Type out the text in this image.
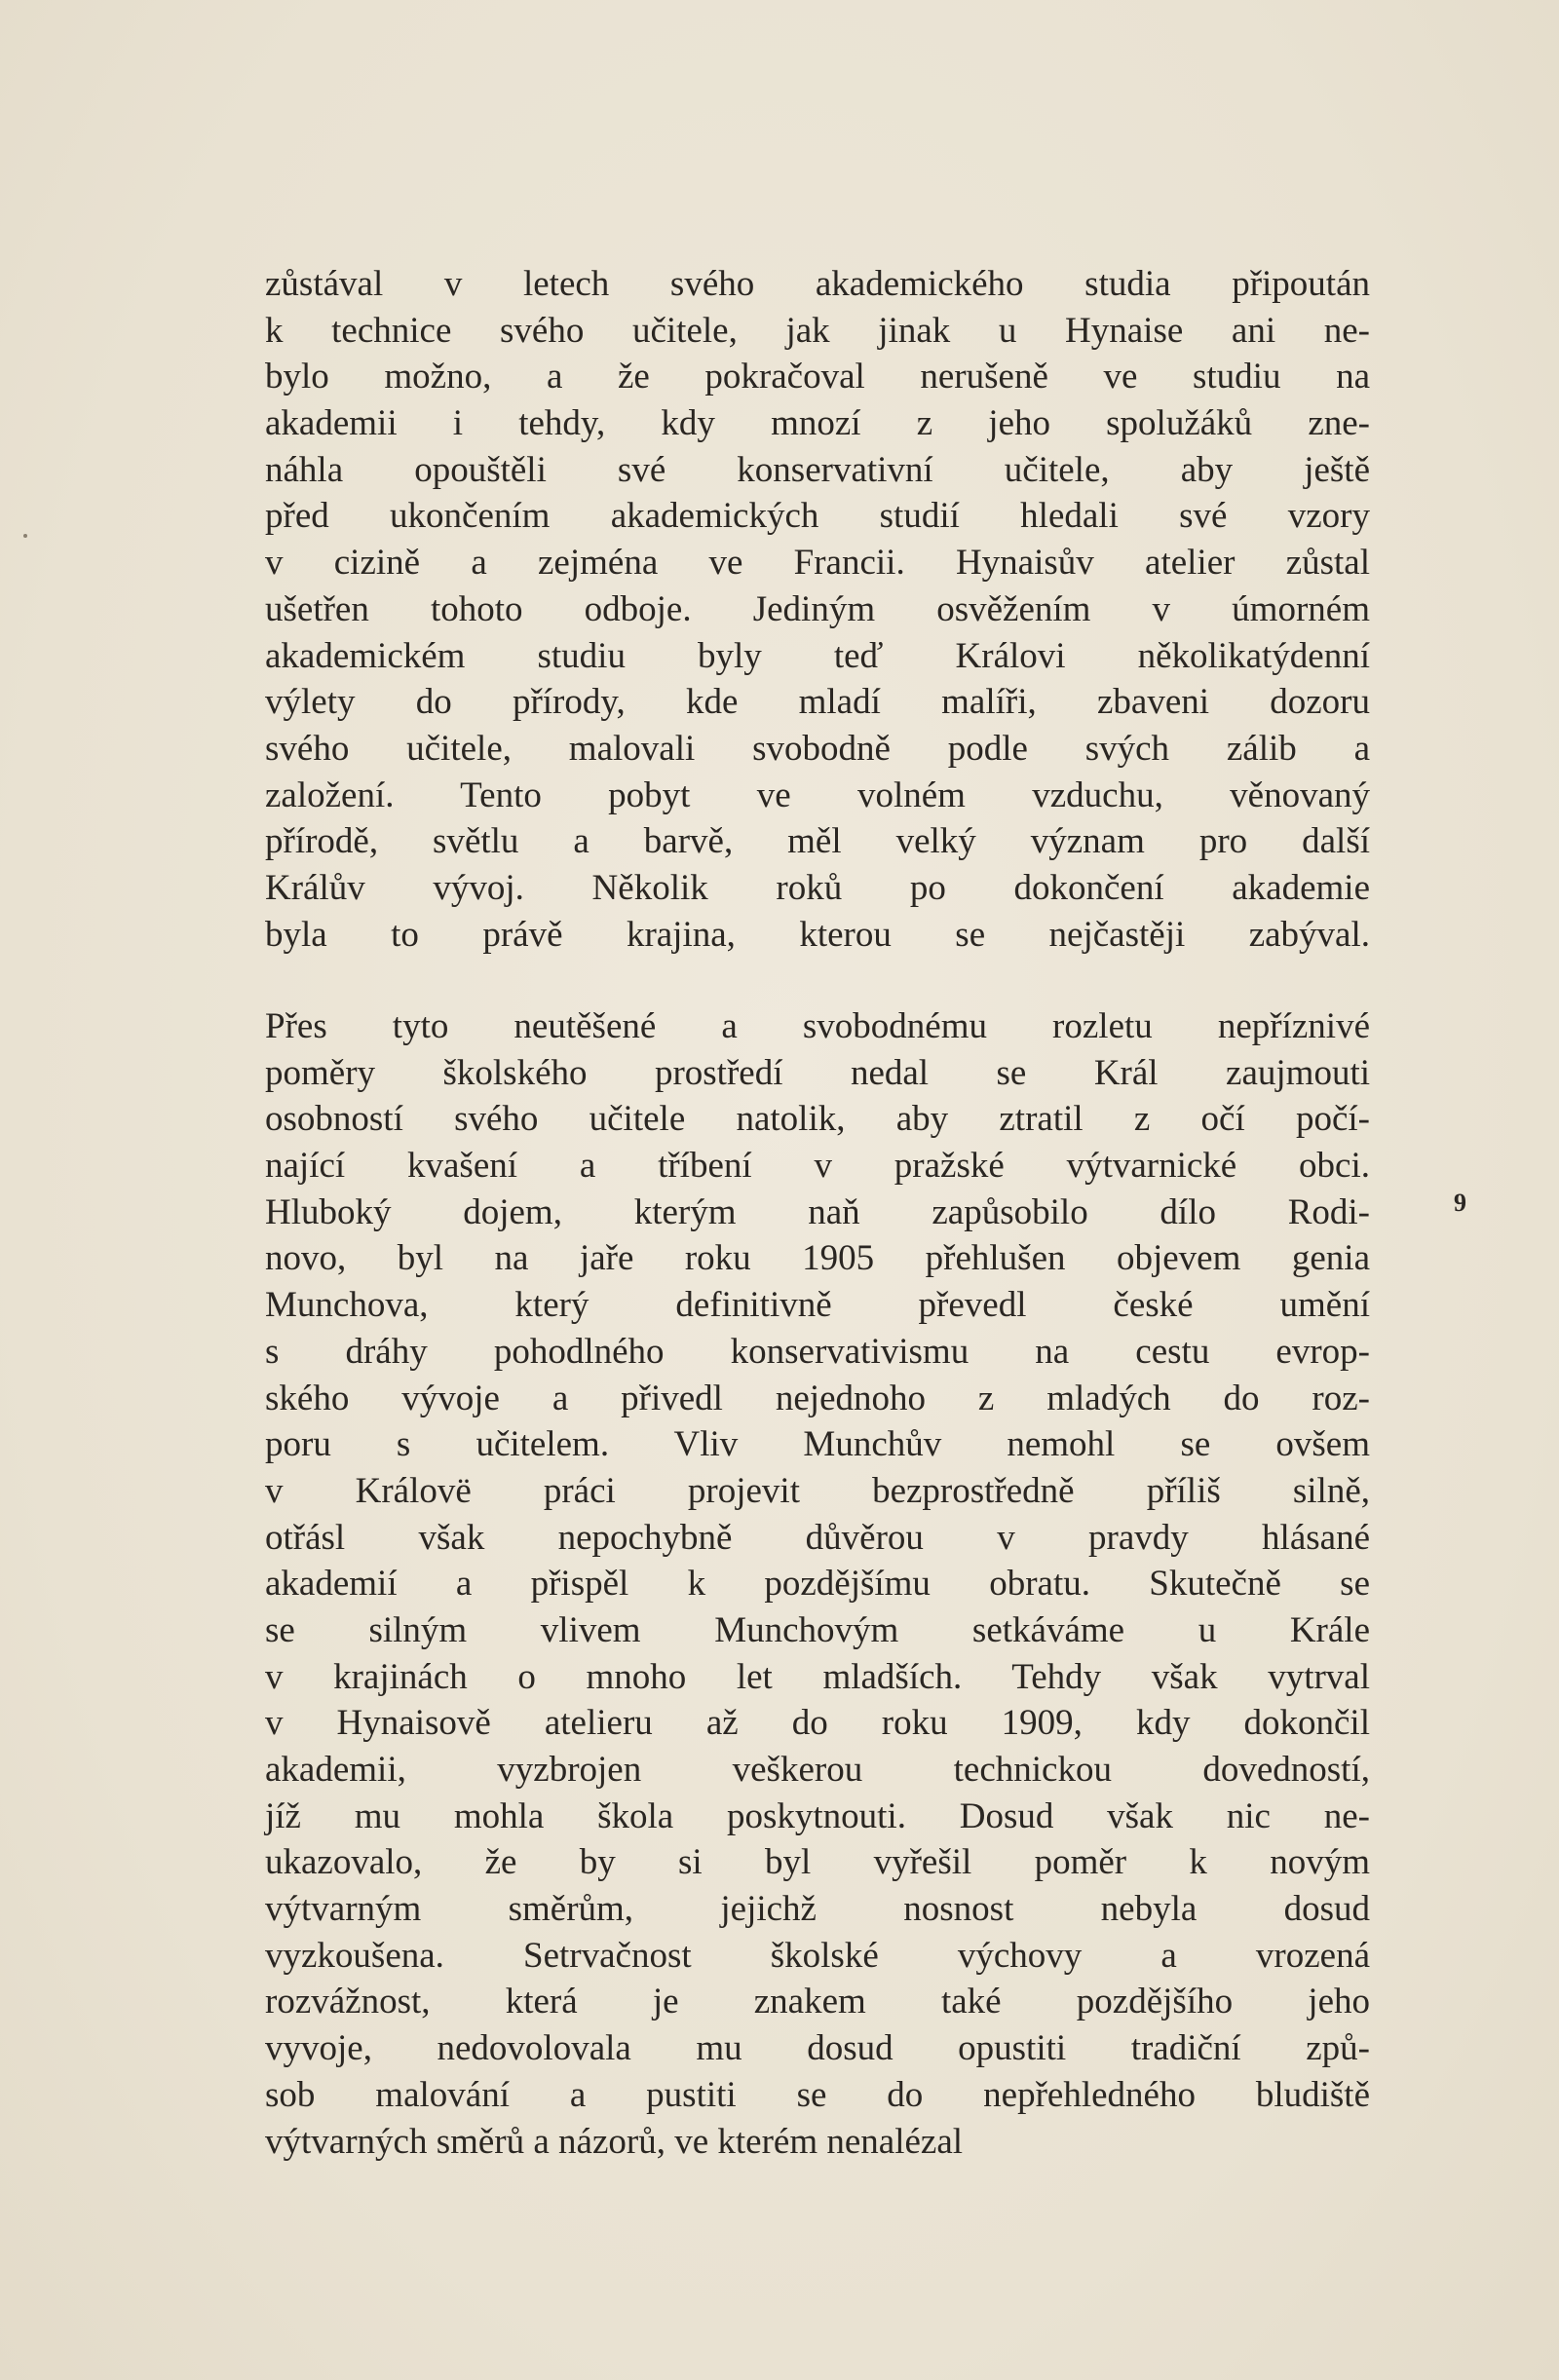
zůstával v letech svého akademického studia připoután
k technice svého učitele, jak jinak u Hynaise ani ne-
bylo možno, a že pokračoval nerušeně ve studiu na
akademii i tehdy, kdy mnozí z jeho spolužáků zne-
náhla opouštěli své konservativní učitele, aby ještě
před ukončením akademických studií hledali své vzory
v cizině a zejména ve Francii. Hynaisův atelier zůstal
ušetřen tohoto odboje. Jediným osvěžením v úmorném
akademickém studiu byly teď Královi několikatýdenní
výlety do přírody, kde mladí malíři, zbaveni dozoru
svého učitele, malovali svobodně podle svých zálib a
založení. Tento pobyt ve volném vzduchu, věnovaný
přírodě, světlu a barvě, měl velký význam pro další
Králův vývoj. Několik roků po dokončení akademie
byla to právě krajina, kterou se nejčastěji zabýval.
Přes tyto neutěšené a svobodnému rozletu nepříznivé
poměry školského prostředí nedal se Král zaujmouti
osobností svého učitele natolik, aby ztratil z očí počí-
nající kvašení a tříbení v pražské výtvarnické obci.
Hluboký dojem, kterým naň zapůsobilo dílo Rodi-
novo, byl na jaře roku 1905 přehlušen objevem genia
Munchova, který definitivně převedl české umění
s dráhy pohodlného konservativismu na cestu evrop-
ského vývoje a přivedl nejednoho z mladých do roz-
poru s učitelem. Vliv Munchův nemohl se ovšem
v Královë práci projevit bezprostředně příliš silně,
otřásl však nepochybně důvěrou v pravdy hlásané
akademií a přispěl k pozdějšímu obratu. Skutečně se
se silným vlivem Munchovým setkáváme u Krále
v krajinách o mnoho let mladších. Tehdy však vytrval
v Hynaisově atelieru až do roku 1909, kdy dokončil
akademii, vyzbrojen veškerou technickou dovedností,
jíž mu mohla škola poskytnouti. Dosud však nic ne-
ukazovalo, že by si byl vyřešil poměr k novým
výtvarným směrům, jejichž nosnost nebyla dosud
vyzkoušena. Setrvačnost školské výchovy a vrozená
rozvážnost, která je znakem také pozdějšího jeho
vyvoje, nedovolovala mu dosud opustiti tradiční způ-
sob malování a pustiti se do nepřehledného bludiště
výtvarných směrů a názorů, ve kterém nenalézal
9
